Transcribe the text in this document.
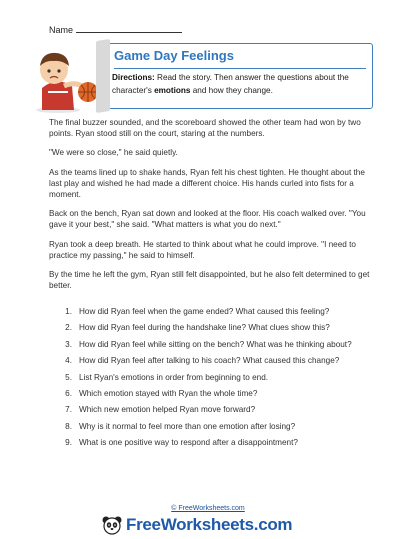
Name
Game Day Feelings
Directions: Read the story. Then answer the questions about the character's emotions and how they change.

The final buzzer sounded, and the scoreboard showed the other team had won by two points. Ryan stood still on the court, staring at the numbers.

"We were so close," he said quietly.

As the teams lined up to shake hands, Ryan felt his chest tighten. He thought about the last play and wished he had made a different choice. His hands curled into fists for a moment.

Back on the bench, Ryan sat down and looked at the floor. His coach walked over. "You gave it your best," she said. "What matters is what you do next."

Ryan took a deep breath. He started to think about what he could improve. "I need to practice my passing," he said to himself.

By the time he left the gym, Ryan still felt disappointed, but he also felt determined to get better.

1. How did Ryan feel when the game ended? What caused this feeling?
2. How did Ryan feel during the handshake line? What clues show this?
3. How did Ryan feel while sitting on the bench? What was he thinking about?
4. How did Ryan feel after talking to his coach? What caused this change?
5. List Ryan's emotions in order from beginning to end.
6. Which emotion stayed with Ryan the whole time?
7. Which new emotion helped Ryan move forward?
8. Why is it normal to feel more than one emotion after losing?
9. What is one positive way to respond after a disappointment?
© FreeWorksheets.com
FreeWorksheets.com
